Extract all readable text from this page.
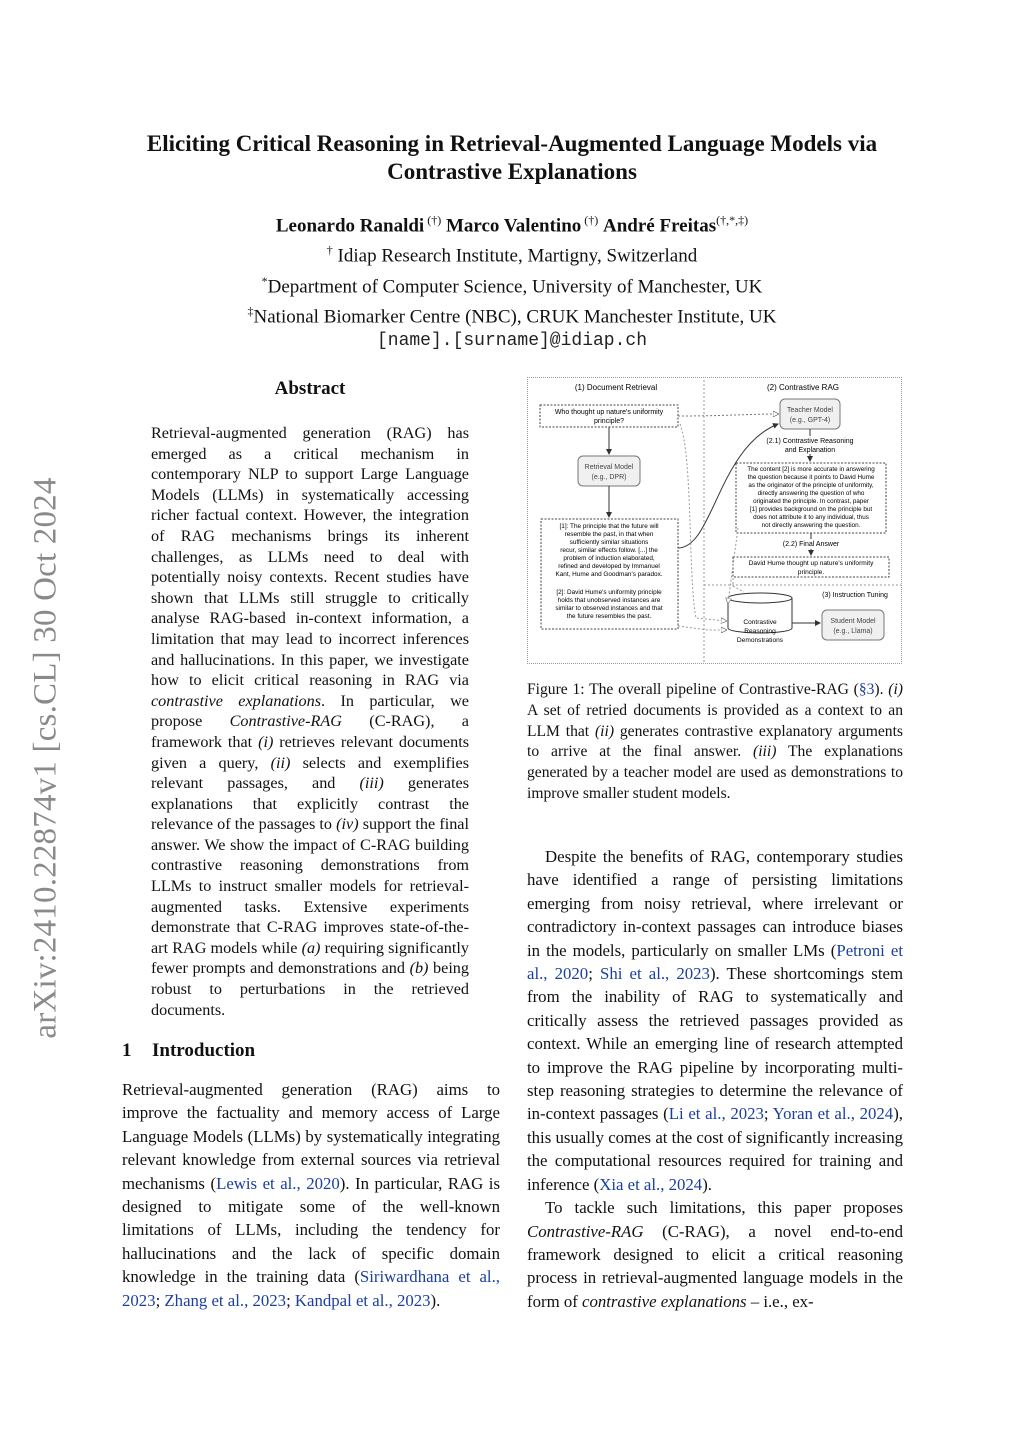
arXiv:2410.22874v1 [cs.CL] 30 Oct 2024
Eliciting Critical Reasoning in Retrieval-Augmented Language Models via
Contrastive Explanations
Leonardo Ranaldi (†) Marco Valentino (†) André Freitas(†,*,‡)
† Idiap Research Institute, Martigny, Switzerland
*Department of Computer Science, University of Manchester, UK
‡National Biomarker Centre (NBC), CRUK Manchester Institute, UK
[name].[surname]@idiap.ch
Abstract
Retrieval-augmented generation (RAG) has emerged as a critical mechanism in contemporary NLP to support Large Language Models (LLMs) in systematically accessing richer factual context. However, the integration of RAG mechanisms brings its inherent challenges, as LLMs need to deal with potentially noisy contexts. Recent studies have shown that LLMs still struggle to critically analyse RAG-based in-context information, a limitation that may lead to incorrect inferences and hallucinations. In this paper, we investigate how to elicit critical reasoning in RAG via contrastive explanations. In particular, we propose Contrastive-RAG (C-RAG), a framework that (i) retrieves relevant documents given a query, (ii) selects and exemplifies relevant passages, and (iii) generates explanations that explicitly contrast the relevance of the passages to (iv) support the final answer. We show the impact of C-RAG building contrastive reasoning demonstrations from LLMs to instruct smaller models for retrieval-augmented tasks. Extensive experiments demonstrate that C-RAG improves state-of-the-art RAG models while (a) requiring significantly fewer prompts and demonstrations and (b) being robust to perturbations in the retrieved documents.
1 Introduction
Retrieval-augmented generation (RAG) aims to improve the factuality and memory access of Large Language Models (LLMs) by systematically integrating relevant knowledge from external sources via retrieval mechanisms (Lewis et al., 2020). In particular, RAG is designed to mitigate some of the well-known limitations of LLMs, including the tendency for hallucinations and the lack of specific domain knowledge in the training data (Siriwardhana et al., 2023; Zhang et al., 2023; Kandpal et al., 2023).
(1) Document Retrieval	(2) Contrastive RAG
Who thought up nature's uniformity
principle?
Retrieval Model
(e.g., DPR)
[1]: The principle that the future will
resemble the past, in that when
sufficiently similar situations
recur, similar effects follow. [...] the
problem of induction elaborated,
refined and developed by Immanuel
Kant, Hume and Goodman's paradox.
[2]: David Hume's uniformity principle
holds that unobserved instances are
similar to observed instances and that
the future resembles the past.
Teacher Model
(e.g., GPT-4)
(2.1) Contrastive Reasoning
and Explanation
The content [2] is more accurate in answering
the question because it points to David Hume
as the originator of the principle of uniformity,
directly answering the question of who
originated the principle. In contrast, paper
[1] provides background on the principle but
does not attribute it to any individual, thus
not directly answering the question.
(2.2) Final Answer
David Hume thought up nature's uniformity
principle.
(3) Instruction Tuning
Contrastive
Reasoning
Demonstrations
Student Model
(e.g., Llama)
Figure 1: The overall pipeline of Contrastive-RAG (§3). (i) A set of retried documents is provided as a context to an LLM that (ii) generates contrastive explanatory arguments to arrive at the final answer. (iii) The explanations generated by a teacher model are used as demonstrations to improve smaller student models.

Despite the benefits of RAG, contemporary studies have identified a range of persisting limitations emerging from noisy retrieval, where irrelevant or contradictory in-context passages can introduce biases in the models, particularly on smaller LMs (Petroni et al., 2020; Shi et al., 2023). These shortcomings stem from the inability of RAG to systematically and critically assess the retrieved passages provided as context. While an emerging line of research attempted to improve the RAG pipeline by incorporating multi-step reasoning strategies to determine the relevance of in-context passages (Li et al., 2023; Yoran et al., 2024), this usually comes at the cost of significantly increasing the computational resources required for training and inference (Xia et al., 2024).

To tackle such limitations, this paper proposes Contrastive-RAG (C-RAG), a novel end-to-end framework designed to elicit a critical reasoning process in retrieval-augmented language models in the form of contrastive explanations – i.e., ex-
